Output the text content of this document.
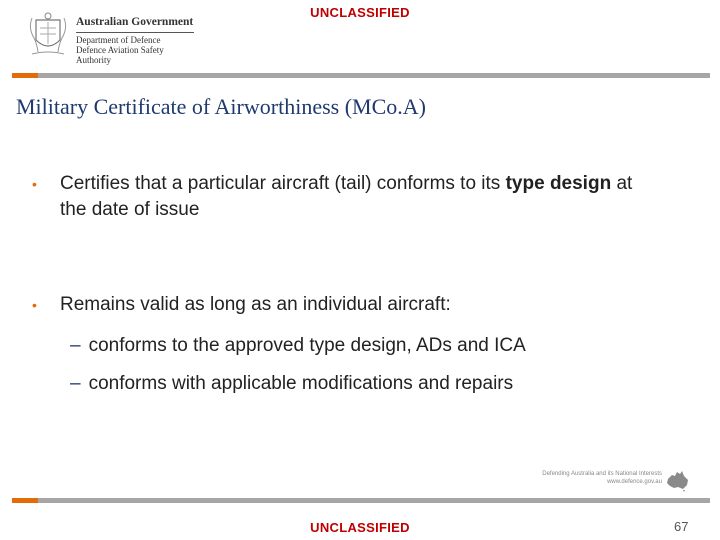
UNCLASSIFIED
Australian Government
Department of Defence
Defence Aviation Safety Authority
Military Certificate of Airworthiness (MCo.A)
• Certifies that a particular aircraft (tail) conforms to its type design at the date of issue
• Remains valid as long as an individual aircraft:
– conforms to the approved type design, ADs and ICA
– conforms with applicable modifications and repairs
Defending Australia and its National Interests
www.defence.gov.au
UNCLASSIFIED	67
